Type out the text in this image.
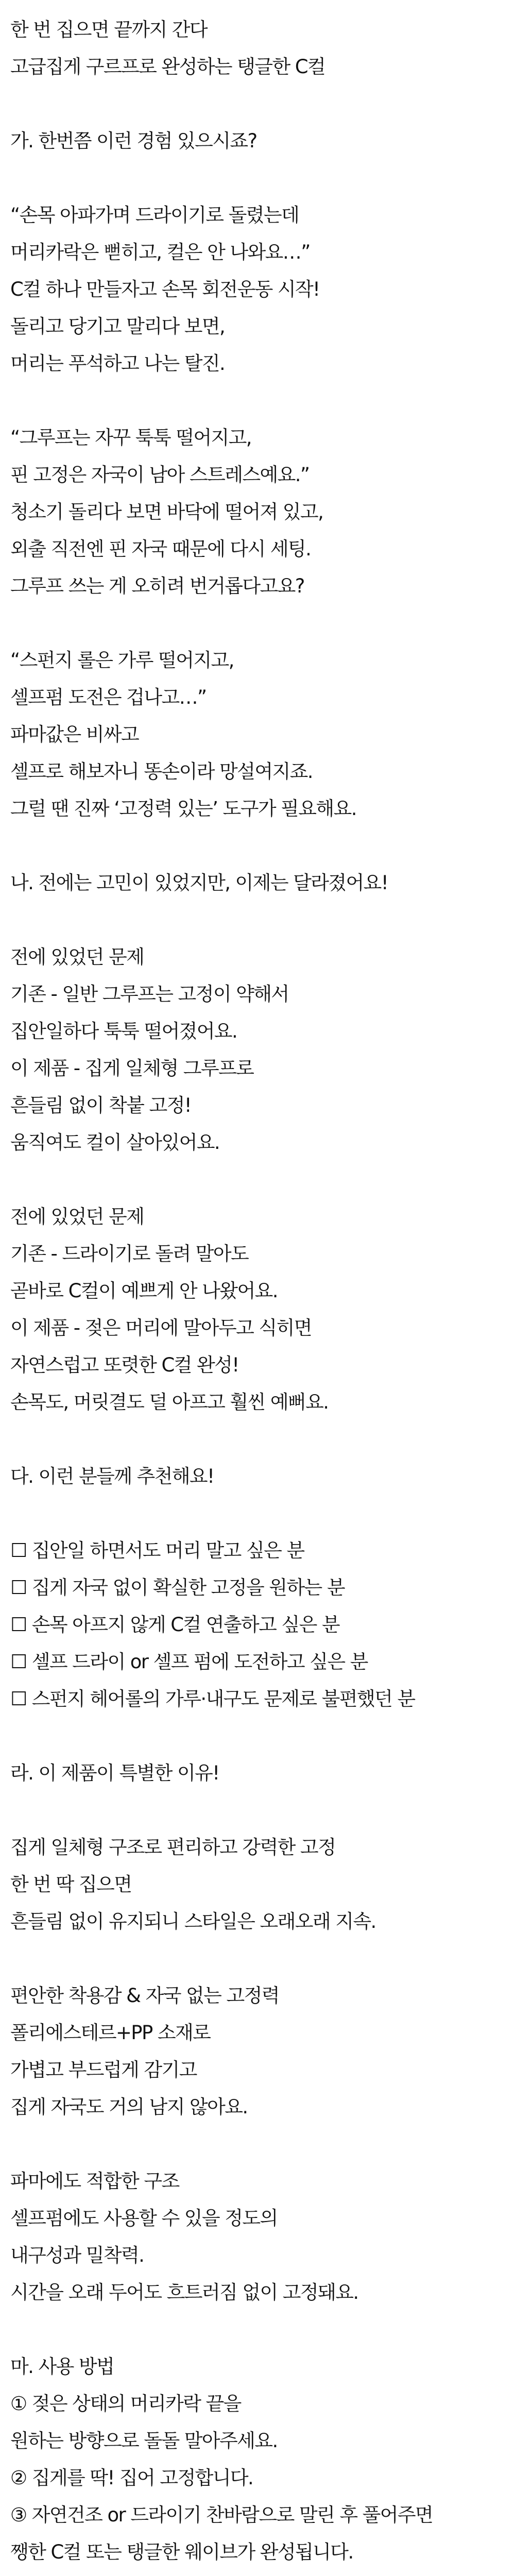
한 번 집으면 끝까지 간다
고급집게 구르프로 완성하는 탱글한 C컬
가. 한번쯤 이런 경험 있으시죠?
“손목 아파가며 드라이기로 돌렸는데
머리카락은 뻗히고, 컬은 안 나와요…”
C컬 하나 만들자고 손목 회전운동 시작!
돌리고 당기고 말리다 보면,
머리는 푸석하고 나는 탈진.
“그루프는 자꾸 툭툭 떨어지고,
핀 고정은 자국이 남아 스트레스예요.”
청소기 돌리다 보면 바닥에 떨어져 있고,
외출 직전엔 핀 자국 때문에 다시 세팅.
그루프 쓰는 게 오히려 번거롭다고요?
“스펀지 롤은 가루 떨어지고,
셀프펌 도전은 겁나고…”
파마값은 비싸고
셀프로 해보자니 똥손이라 망설여지죠.
그럴 땐 진짜 ‘고정력 있는’ 도구가 필요해요.
나. 전에는 고민이 있었지만, 이제는 달라졌어요!
전에 있었던 문제
기존 - 일반 그루프는 고정이 약해서
집안일하다 툭툭 떨어졌어요.
이 제품 - 집게 일체형 그루프로
흔들림 없이 착붙 고정!
움직여도 컬이 살아있어요.
전에 있었던 문제
기존 - 드라이기로 돌려 말아도
곧바로 C컬이 예쁘게 안 나왔어요.
이 제품 - 젖은 머리에 말아두고 식히면
자연스럽고 또렷한 C컬 완성!
손목도, 머릿결도 덜 아프고 훨씬 예뻐요.
다. 이런 분들께 추천해요!
☐ 집안일 하면서도 머리 말고 싶은 분
☐ 집게 자국 없이 확실한 고정을 원하는 분
☐ 손목 아프지 않게 C컬 연출하고 싶은 분
☐ 셀프 드라이 or 셀프 펌에 도전하고 싶은 분
☐ 스펀지 헤어롤의 가루·내구도 문제로 불편했던 분
라. 이 제품이 특별한 이유!
집게 일체형 구조로 편리하고 강력한 고정
한 번 딱 집으면
흔들림 없이 유지되니 스타일은 오래오래 지속.
편안한 착용감 & 자국 없는 고정력
폴리에스테르+PP 소재로
가볍고 부드럽게 감기고
집게 자국도 거의 남지 않아요.
파마에도 적합한 구조
셀프펌에도 사용할 수 있을 정도의
내구성과 밀착력.
시간을 오래 두어도 흐트러짐 없이 고정돼요.
마. 사용 방법
① 젖은 상태의 머리카락 끝을
원하는 방향으로 돌돌 말아주세요.
② 집게를 딱! 집어 고정합니다.
③ 자연건조 or 드라이기 찬바람으로 말린 후 풀어주면
쨍한 C컬 또는 탱글한 웨이브가 완성됩니다.
